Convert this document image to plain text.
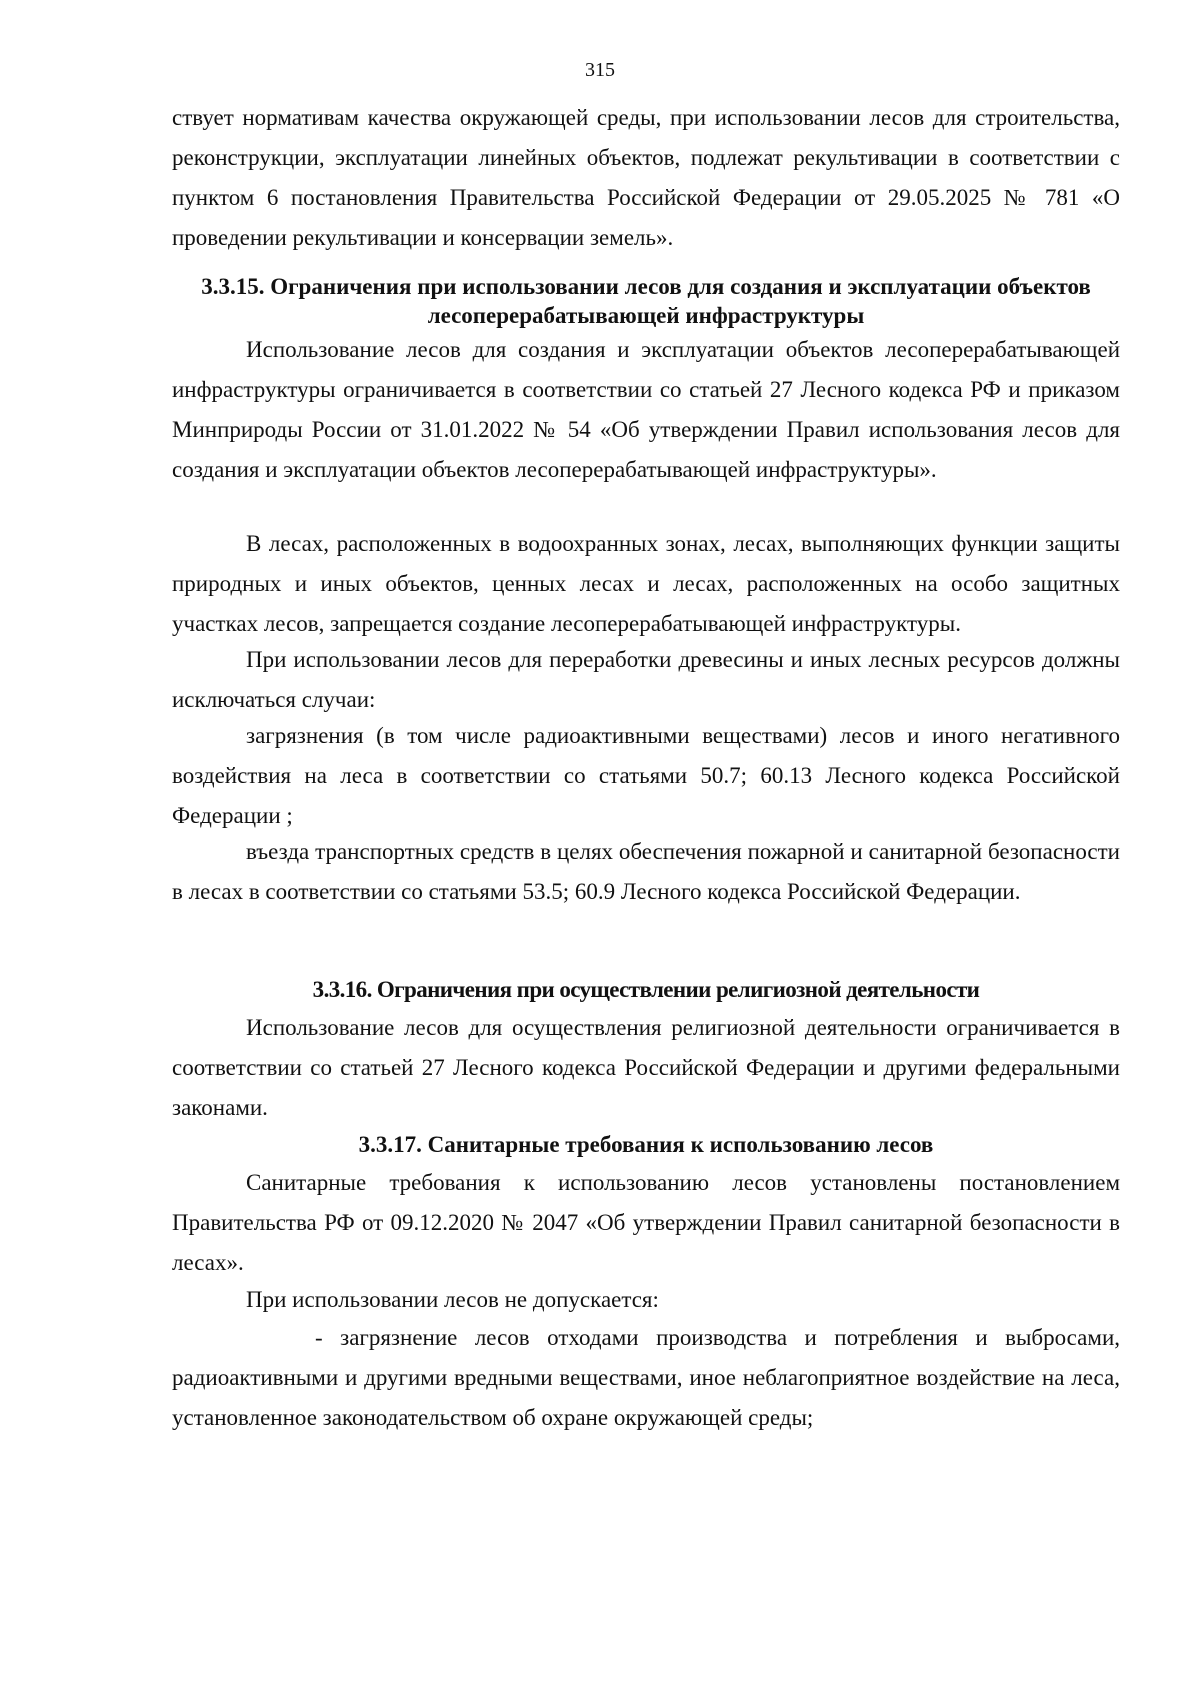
315
ствует нормативам качества окружающей среды, при использовании лесов для строительства, реконструкции, эксплуатации линейных объектов, подлежат рекультивации в соответствии с пунктом 6 постановления Правительства Российской Федерации от 29.05.2025 № 781 «О проведении рекультивации и консервации земель».
3.3.15. Ограничения при использовании лесов для создания и эксплуатации объектов лесоперерабатывающей инфраструктуры
Использование лесов для создания и эксплуатации объектов лесоперерабатывающей инфраструктуры ограничивается в соответствии со статьей 27 Лесного кодекса РФ и приказом Минприроды России от 31.01.2022 № 54 «Об утверждении Правил использования лесов для создания и эксплуатации объектов лесоперерабатывающей инфраструктуры».
В лесах, расположенных в водоохранных зонах, лесах, выполняющих функции защиты природных и иных объектов, ценных лесах и лесах, расположенных на особо защитных участках лесов, запрещается создание лесоперерабатывающей инфраструктуры.
При использовании лесов для переработки древесины и иных лесных ресурсов должны исключаться случаи:
загрязнения (в том числе радиоактивными веществами) лесов и иного негативного воздействия на леса в соответствии со статьями 50.7; 60.13 Лесного кодекса Российской Федерации ;
въезда транспортных средств в целях обеспечения пожарной и санитарной безопасности в лесах в соответствии со статьями 53.5; 60.9 Лесного кодекса Российской Федерации.
3.3.16. Ограничения при осуществлении религиозной деятельности
Использование лесов для осуществления религиозной деятельности ограничивается в соответствии со статьей 27 Лесного кодекса Российской Федерации и другими федеральными законами.
3.3.17. Санитарные требования к использованию лесов
Санитарные требования к использованию лесов установлены постановлением Правительства РФ от 09.12.2020 № 2047 «Об утверждении Правил санитарной безопасности в лесах».
При использовании лесов не допускается:
- загрязнение лесов отходами производства и потребления и выбросами, радиоактивными и другими вредными веществами, иное неблагоприятное воздействие на леса, установленное законодательством об охране окружающей среды;
